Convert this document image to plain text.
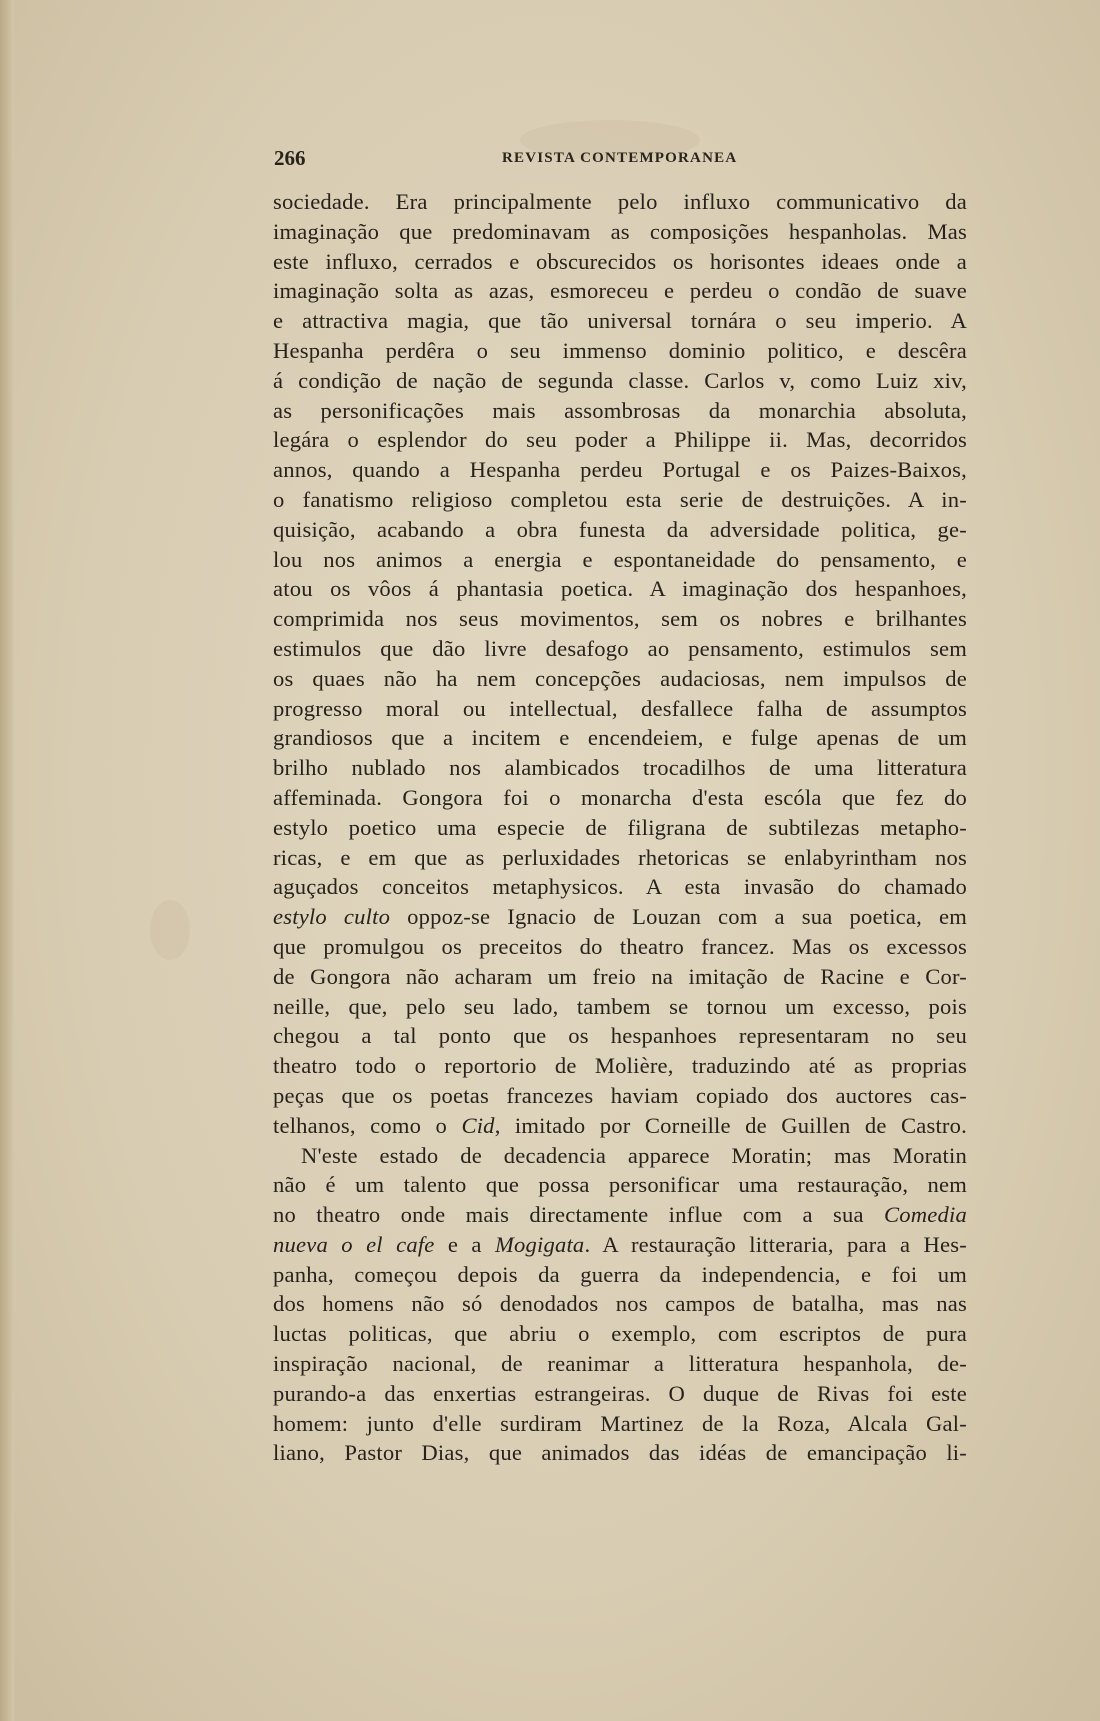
266	REVISTA CONTEMPORANEA
sociedade. Era principalmente pelo influxo communicativo da
imaginação que predominavam as composições hespanholas. Mas
este influxo, cerrados e obscurecidos os horisontes ideaes onde a
imaginação solta as azas, esmoreceu e perdeu o condão de suave
e attractiva magia, que tão universal tornára o seu imperio. A
Hespanha perdêra o seu immenso dominio politico, e descêra
á condição de nação de segunda classe. Carlos v, como Luiz xiv,
as personificações mais assombrosas da monarchia absoluta,
legára o esplendor do seu poder a Philippe ii. Mas, decorridos
annos, quando a Hespanha perdeu Portugal e os Paizes-Baixos,
o fanatismo religioso completou esta serie de destruições. A in-
quisição, acabando a obra funesta da adversidade politica, ge-
lou nos animos a energia e espontaneidade do pensamento, e
atou os vôos á phantasia poetica. A imaginação dos hespanhoes,
comprimida nos seus movimentos, sem os nobres e brilhantes
estimulos que dão livre desafogo ao pensamento, estimulos sem
os quaes não ha nem concepções audaciosas, nem impulsos de
progresso moral ou intellectual, desfallece falha de assumptos
grandiosos que a incitem e encendeiem, e fulge apenas de um
brilho nublado nos alambicados trocadilhos de uma litteratura
affeminada. Gongora foi o monarcha d'esta escóla que fez do
estylo poetico uma especie de filigrana de subtilezas metapho-
ricas, e em que as perluxidades rhetoricas se enlabyrintham nos
aguçados conceitos metaphysicos. A esta invasão do chamado
estylo culto oppoz-se Ignacio de Louzan com a sua poetica, em
que promulgou os preceitos do theatro francez. Mas os excessos
de Gongora não acharam um freio na imitação de Racine e Cor-
neille, que, pelo seu lado, tambem se tornou um excesso, pois
chegou a tal ponto que os hespanhoes representaram no seu
theatro todo o reportorio de Molière, traduzindo até as proprias
peças que os poetas francezes haviam copiado dos auctores cas-
telhanos, como o Cid, imitado por Corneille de Guillen de Castro.
N'este estado de decadencia apparece Moratin; mas Moratin
não é um talento que possa personificar uma restauração, nem
no theatro onde mais directamente influe com a sua Comedia
nueva o el cafe e a Mogigata. A restauração litteraria, para a Hes-
panha, começou depois da guerra da independencia, e foi um
dos homens não só denodados nos campos de batalha, mas nas
luctas politicas, que abriu o exemplo, com escriptos de pura
inspiração nacional, de reanimar a litteratura hespanhola, de-
purando-a das enxertias estrangeiras. O duque de Rivas foi este
homem: junto d'elle surdiram Martinez de la Roza, Alcala Gal-
liano, Pastor Dias, que animados das idéas de emancipação li-
